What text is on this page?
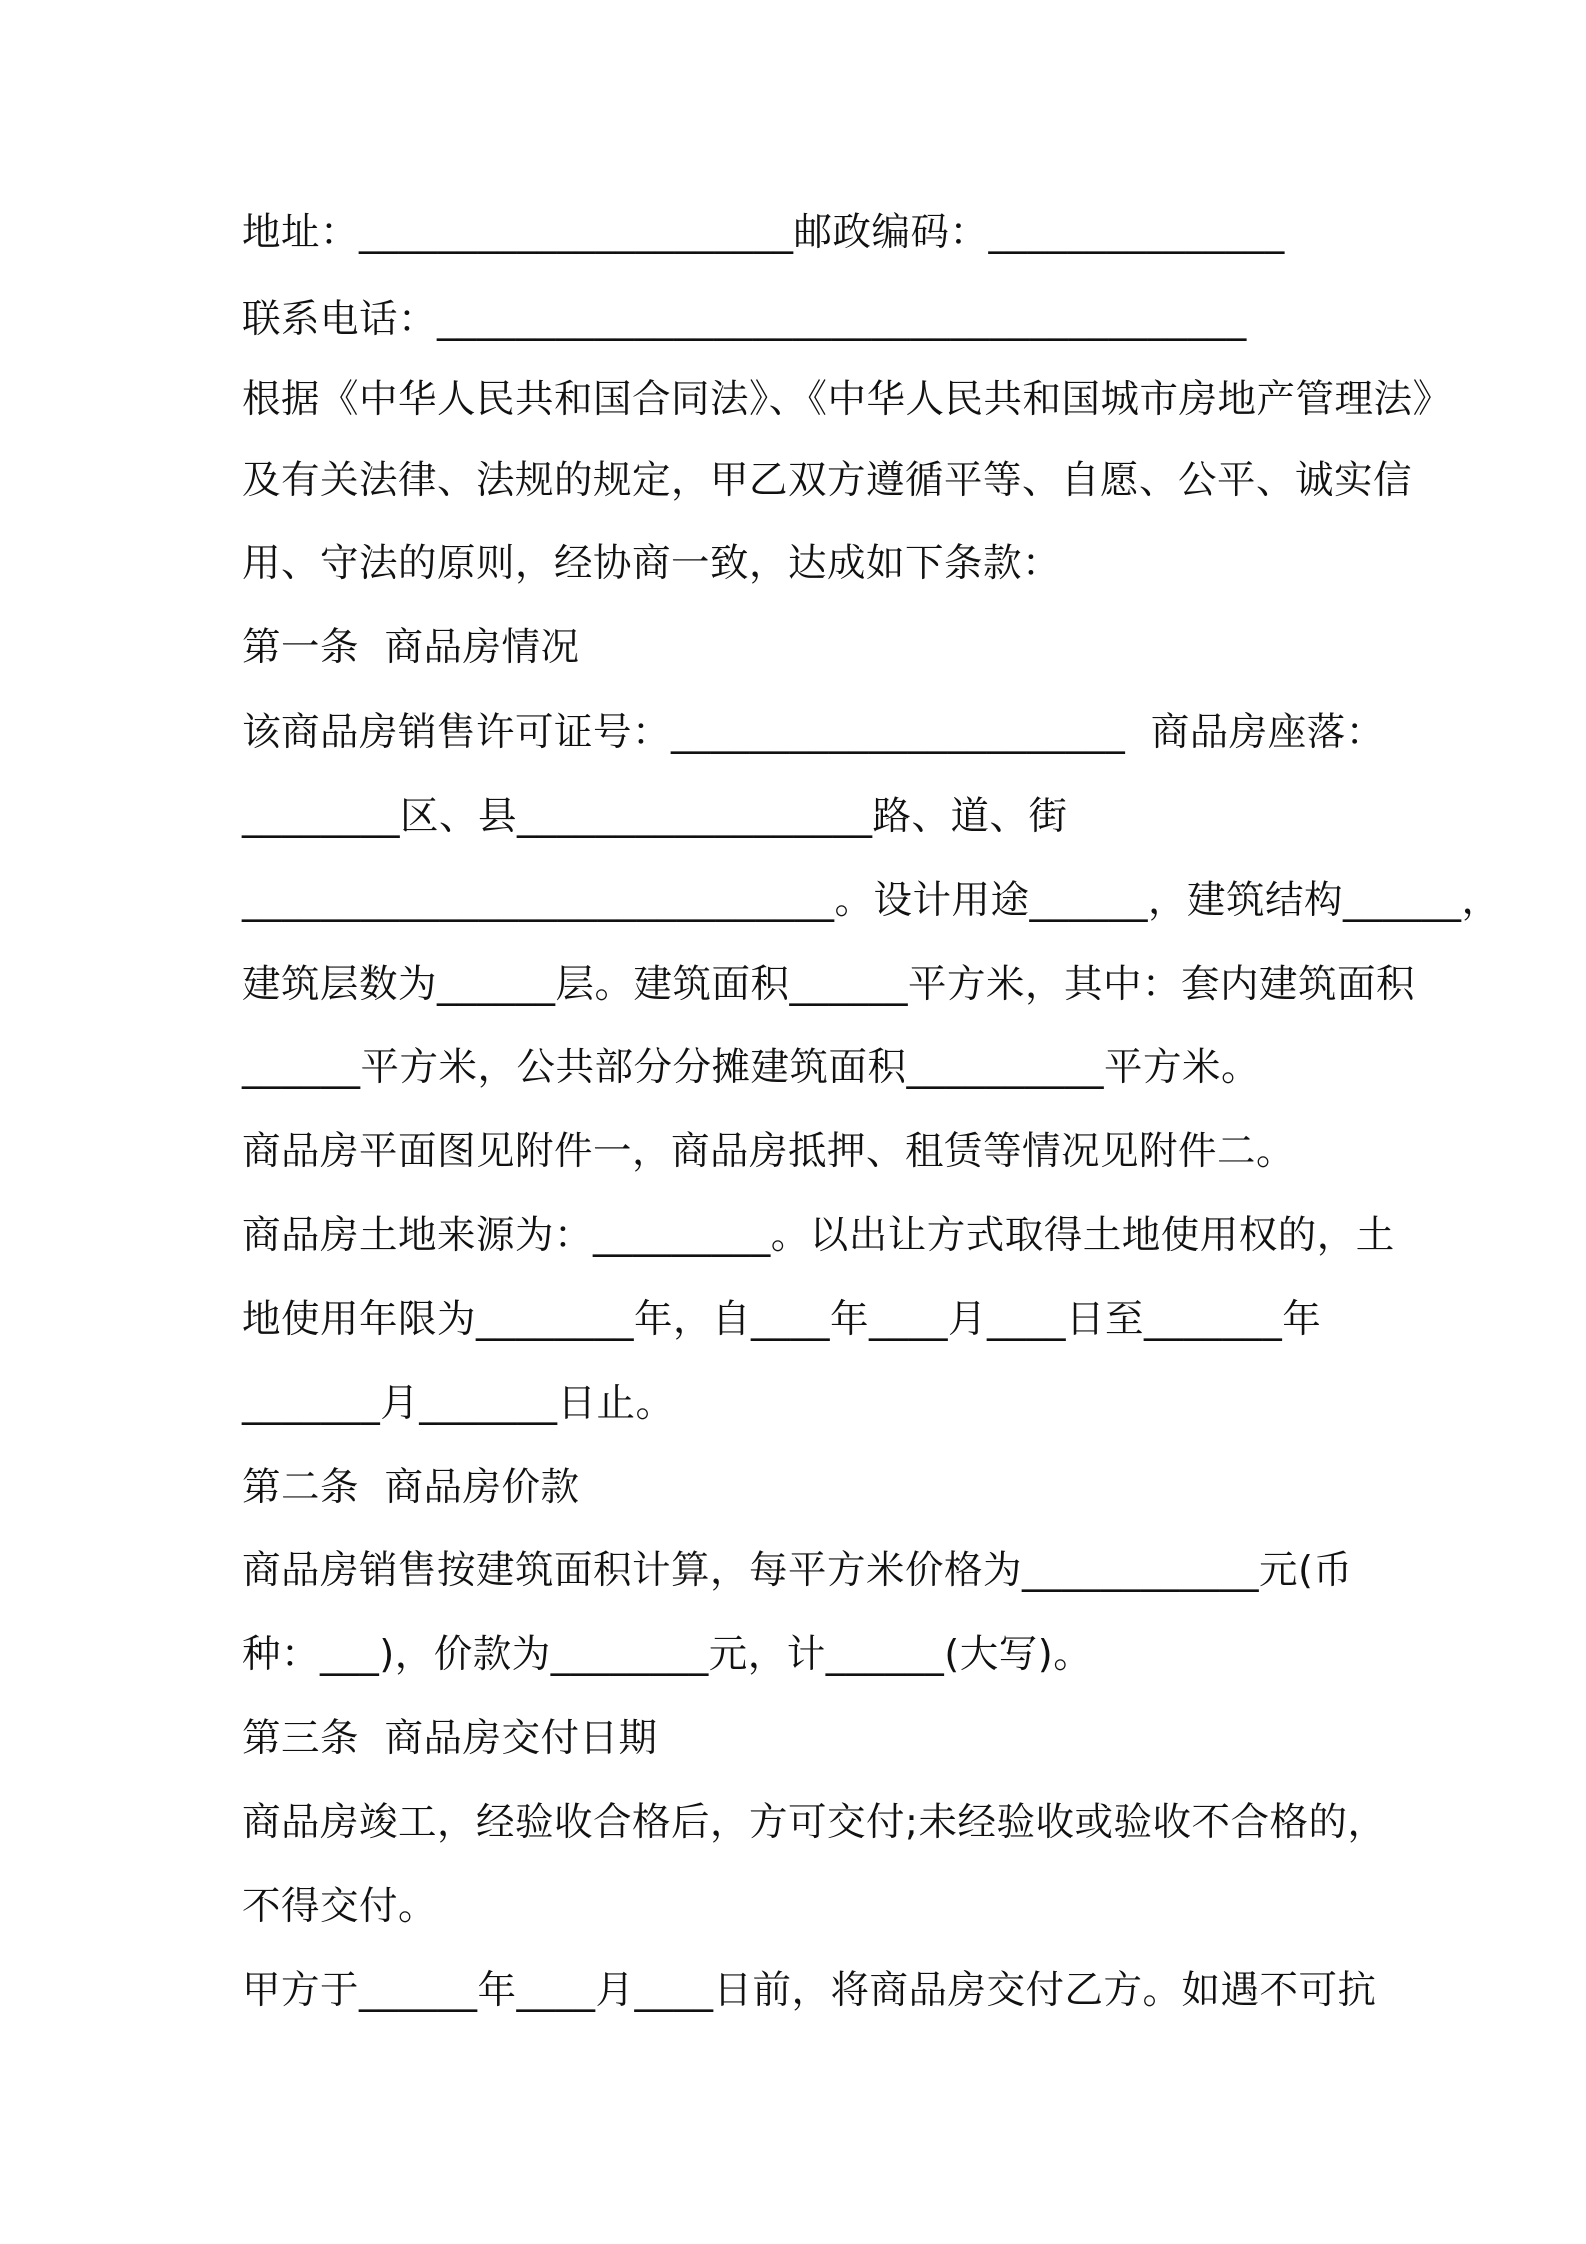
地址：______________________邮政编码：_______________
联系电话：_________________________________________
根据《中华人民共和国合同法》、《中华人民共和国城市房地产管理法》
及有关法律、法规的规定，甲乙双方遵循平等、自愿、公平、诚实信
用、守法的原则，经协商一致，达成如下条款：
第一条  商品房情况
该商品房销售许可证号：_______________________  商品房座落：
________区、县__________________路、道、街
______________________________。设计用途______，建筑结构______，
建筑层数为______层。建筑面积______平方米，其中：套内建筑面积
______平方米，公共部分分摊建筑面积__________平方米。
商品房平面图见附件一，商品房抵押、租赁等情况见附件二。
商品房土地来源为：_________。以出让方式取得土地使用权的，土
地使用年限为________年，自____年____月____日至_______年
_______月_______日止。
第二条  商品房价款
商品房销售按建筑面积计算，每平方米价格为____________元(币
种：___)，价款为________元，计______(大写)。
第三条  商品房交付日期
商品房竣工，经验收合格后，方可交付;未经验收或验收不合格的，
不得交付。
甲方于______年____月____日前，将商品房交付乙方。如遇不可抗
